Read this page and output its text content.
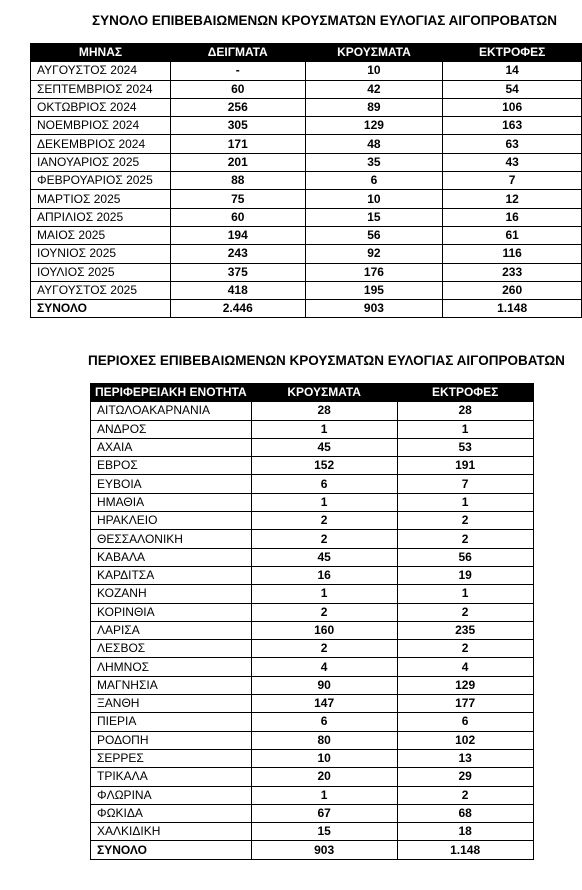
ΣΥΝΟΛΟ ΕΠΙΒΕΒΑΙΩΜΕΝΩΝ ΚΡΟΥΣΜΑΤΩΝ ΕΥΛΟΓΙΑΣ ΑΙΓΟΠΡΟΒΑΤΩΝ
ΜΗΝΑΣ	ΔΕΙΓΜΑΤΑ	ΚΡΟΥΣΜΑΤΑ	ΕΚΤΡΟΦΕΣ
ΑΥΓΟΥΣΤΟΣ 2024	-	10	14
ΣΕΠΤΕΜΒΡΙΟΣ 2024	60	42	54
ΟΚΤΩΒΡΙΟΣ 2024	256	89	106
ΝΟΕΜΒΡΙΟΣ 2024	305	129	163
ΔΕΚΕΜΒΡΙΟΣ 2024	171	48	63
ΙΑΝΟΥΑΡΙΟΣ 2025	201	35	43
ΦΕΒΡΟΥΑΡΙΟΣ 2025	88	6	7
ΜΑΡΤΙΟΣ 2025	75	10	12
ΑΠΡΙΛΙΟΣ 2025	60	15	16
ΜΑΙΟΣ 2025	194	56	61
ΙΟΥΝΙΟΣ 2025	243	92	116
ΙΟΥΛΙΟΣ 2025	375	176	233
ΑΥΓΟΥΣΤΟΣ 2025	418	195	260
ΣΥΝΟΛΟ	2.446	903	1.148
ΠΕΡΙΟΧΕΣ ΕΠΙΒΕΒΑΙΩΜΕΝΩΝ ΚΡΟΥΣΜΑΤΩΝ ΕΥΛΟΓΙΑΣ ΑΙΓΟΠΡΟΒΑΤΩΝ
ΠΕΡΙΦΕΡΕΙΑΚΗ ΕΝΟΤΗΤΑ	ΚΡΟΥΣΜΑΤΑ	ΕΚΤΡΟΦΕΣ
ΑΙΤΩΛΟΑΚΑΡΝΑΝΙΑ	28	28
ΑΝΔΡΟΣ	1	1
ΑΧΑΙΑ	45	53
ΕΒΡΟΣ	152	191
ΕΥΒΟΙΑ	6	7
ΗΜΑΘΙΑ	1	1
ΗΡΑΚΛΕΙΟ	2	2
ΘΕΣΣΑΛΟΝΙΚΗ	2	2
ΚΑΒΑΛΑ	45	56
ΚΑΡΔΙΤΣΑ	16	19
ΚΟΖΑΝΗ	1	1
ΚΟΡΙΝΘΙΑ	2	2
ΛΑΡΙΣΑ	160	235
ΛΕΣΒΟΣ	2	2
ΛΗΜΝΟΣ	4	4
ΜΑΓΝΗΣΙΑ	90	129
ΞΑΝΘΗ	147	177
ΠΙΕΡΙΑ	6	6
ΡΟΔΟΠΗ	80	102
ΣΕΡΡΕΣ	10	13
ΤΡΙΚΑΛΑ	20	29
ΦΛΩΡΙΝΑ	1	2
ΦΩΚΙΔΑ	67	68
ΧΑΛΚΙΔΙΚΗ	15	18
ΣΥΝΟΛΟ	903	1.148
